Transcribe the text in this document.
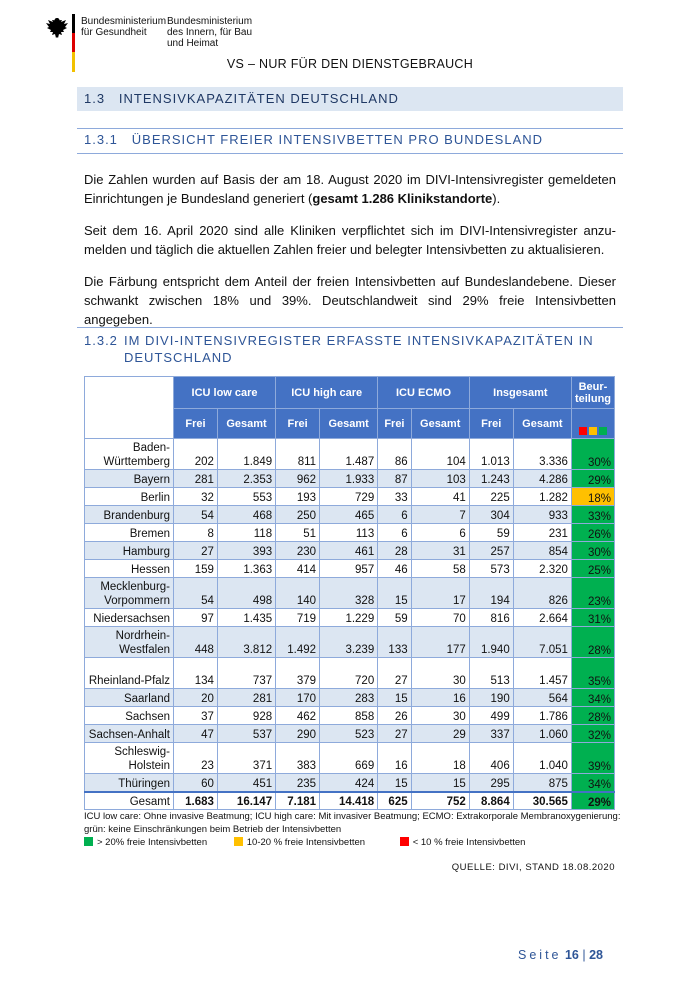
Bundesministerium
für Gesundheit
Bundesministerium
des Innern, für Bau
und Heimat
VS – NUR FÜR DEN DIENSTGEBRAUCH
1.3 INTENSIVKAPAZITÄTEN DEUTSCHLAND
1.3.1 ÜBERSICHT FREIER INTENSIVBETTEN PRO BUNDESLAND
Die Zahlen wurden auf Basis der am 18. August 2020 im DIVI-Intensivregister gemeldeten Einrichtungen je Bundesland generiert (gesamt 1.286 Klinikstandorte).
Seit dem 16. April 2020 sind alle Kliniken verpflichtet sich im DIVI-Intensivregister anzumelden und täglich die aktuellen Zahlen freier und belegter Intensivbetten zu aktualisieren.
Die Färbung entspricht dem Anteil der freien Intensivbetten auf Bundeslandebene. Dieser schwankt zwischen 18% und 39%. Deutschlandweit sind 29% freie Intensivbetten angegeben.
1.3.2 IM DIVI-INTENSIVREGISTER ERFASSTE INTENSIVKAPAZITÄTEN IN DEUTSCHLAND
	ICU low care		ICU high care		ICU ECMO		Insgesamt		Beur-teilung
	Frei	Gesamt	Frei	Gesamt	Frei	Gesamt	Frei	Gesamt	
Baden-Württemberg	202	1.849	811	1.487	86	104	1.013	3.336	30%
Bayern	281	2.353	962	1.933	87	103	1.243	4.286	29%
Berlin	32	553	193	729	33	41	225	1.282	18%
Brandenburg	54	468	250	465	6	7	304	933	33%
Bremen	8	118	51	113	6	6	59	231	26%
Hamburg	27	393	230	461	28	31	257	854	30%
Hessen	159	1.363	414	957	46	58	573	2.320	25%
Mecklenburg-Vorpommern	54	498	140	328	15	17	194	826	23%
Niedersachsen	97	1.435	719	1.229	59	70	816	2.664	31%
Nordrhein-Westfalen	448	3.812	1.492	3.239	133	177	1.940	7.051	28%
Rheinland-Pfalz	134	737	379	720	27	30	513	1.457	35%
Saarland	20	281	170	283	15	16	190	564	34%
Sachsen	37	928	462	858	26	30	499	1.786	28%
Sachsen-Anhalt	47	537	290	523	27	29	337	1.060	32%
Schleswig-Holstein	23	371	383	669	16	18	406	1.040	39%
Thüringen	60	451	235	424	15	15	295	875	34%
Gesamt	1.683	16.147	7.181	14.418	625	752	8.864	30.565	29%
ICU low care: Ohne invasive Beatmung; ICU high care: Mit invasiver Beatmung; ECMO: Extrakorporale Membranoxygenierung: grün: keine Einschränkungen beim Betrieb der Intensivbetten
> 20% freie Intensivbetten	10-20 % freie Intensivbetten	< 10 % freie Intensivbetten
QUELLE: DIVI, STAND 18.08.2020
Seite 16 | 28
